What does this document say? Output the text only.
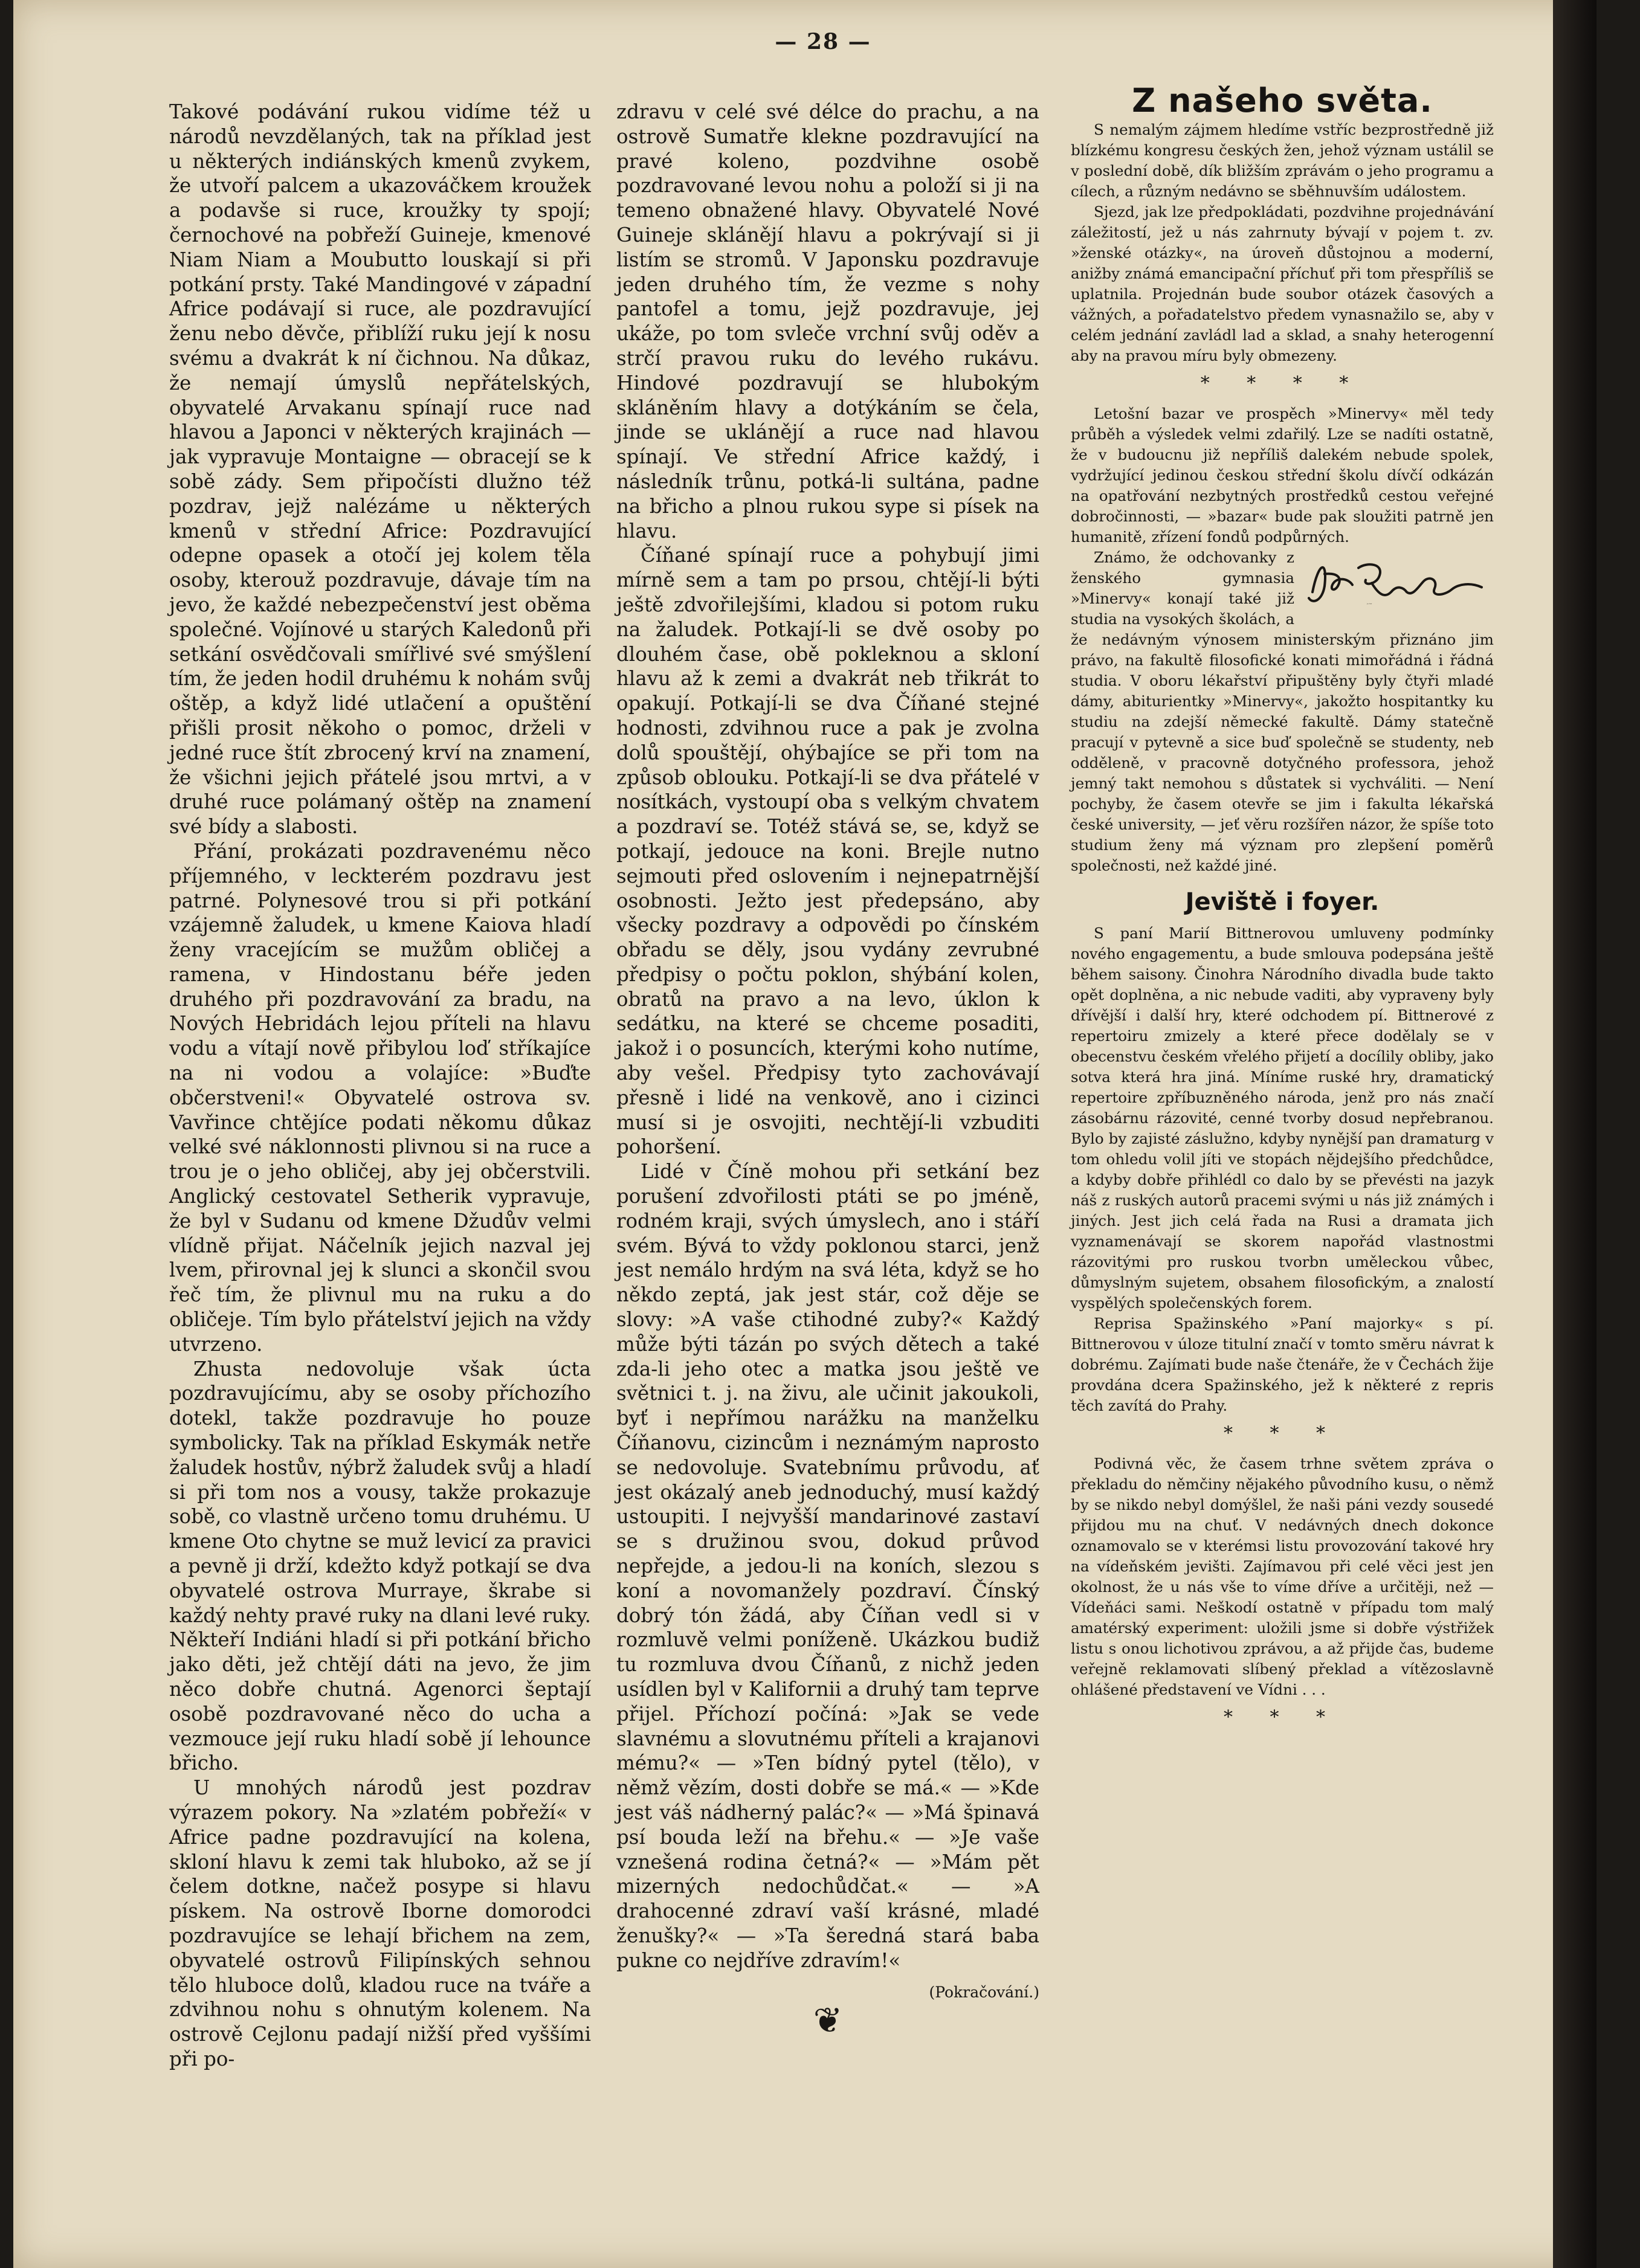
— 28 —

Takové podávání rukou vidíme též u národů nevzdělaných, tak na příklad jest u některých indiánských kmenů zvykem, že utvoří palcem a ukazováčkem kroužek a podavše si ruce, kroužky ty spojí; černochové na pobřeží Guineje, kmenové Niam Niam a Moubutto louskají si při potkání prsty. Také Mandingové v západní Africe podávají si ruce, ale pozdravující ženu nebo děvče, přiblíží ruku její k nosu svému a dvakrát k ní čichnou. Na důkaz, že nemají úmyslů nepřátelských, obyvatelé Arvakanu spínají ruce nad hlavou a Japonci v některých krajinách — jak vypravuje Montaigne — obracejí se k sobě zády. Sem připočísti dlužno též pozdrav, jejž nalézáme u některých kmenů v střední Africe: Pozdravující odepne opasek a otočí jej kolem těla osoby, kterouž pozdravuje, dávaje tím na jevo, že každé nebezpečenství jest oběma společné. Vojínové u starých Kaledonů při setkání osvědčovali smířlivé své smýšlení tím, že jeden hodil druhému k nohám svůj oštěp, a když lidé utlačení a opuštění přišli prosit někoho o pomoc, drželi v jedné ruce štít zbrocený krví na znamení, že všichni jejich přátelé jsou mrtvi, a v druhé ruce polámaný oštěp na znamení své bídy a slabosti.

Přání, prokázati pozdravenému něco příjemného, v leckterém pozdravu jest patrné. Polynesové trou si při potkání vzájemně žaludek, u kmene Kaiova hladí ženy vracejícím se mužům obličej a ramena, v Hindostanu béře jeden druhého při pozdravování za bradu, na Nových Hebridách lejou příteli na hlavu vodu a vítají nově přibylou loď stříkajíce na ni vodou a volajíce: »Buďte občerstveni!« Obyvatelé ostrova sv. Vavřince chtějíce podati někomu důkaz velké své náklonnosti plivnou si na ruce a trou je o jeho obličej, aby jej občerstvili. Anglický cestovatel Setherik vypravuje, že byl v Sudanu od kmene Džudův velmi vlídně přijat. Náčelník jejich nazval jej lvem, přirovnal jej k slunci a skončil svou řeč tím, že plivnul mu na ruku a do obličeje. Tím bylo přátelství jejich na vždy utvrzeno.

Zhusta nedovoluje však úcta pozdravujícímu, aby se osoby příchozího dotekl, takže pozdravuje ho pouze symbolicky. Tak na příklad Eskymák netře žaludek hostův, nýbrž žaludek svůj a hladí si při tom nos a vousy, takže prokazuje sobě, co vlastně určeno tomu druhému. U kmene Oto chytne se muž levicí za pravici a pevně ji drží, kdežto když potkají se dva obyvatelé ostrova Murraye, škrabe si každý nehty pravé ruky na dlani levé ruky. Někteří Indiáni hladí si při potkání břicho jako děti, jež chtějí dáti na jevo, že jim něco dobře chutná. Agenorci šeptají osobě pozdravované něco do ucha a vezmouce její ruku hladí sobě jí lehounce břicho.

U mnohých národů jest pozdrav výrazem pokory. Na »zlatém pobřeží« v Africe padne pozdravující na kolena, skloní hlavu k zemi tak hluboko, až se jí čelem dotkne, načež posype si hlavu pískem. Na ostrově Iborne domorodci pozdravujíce se lehají břichem na zem, obyvatelé ostrovů Filipínských sehnou tělo hluboce dolů, kladou ruce na tváře a zdvihnou nohu s ohnutým kolenem. Na ostrově Cejlonu padají nižší před vyššími při po-

zdravu v celé své délce do prachu, a na ostrově Sumatře klekne pozdravující na pravé koleno, pozdvihne osobě pozdravované levou nohu a položí si ji na temeno obnažené hlavy. Obyvatelé Nové Guineje sklánějí hlavu a pokrývají si ji listím se stromů. V Japonsku pozdravuje jeden druhého tím, že vezme s nohy pantofel a tomu, jejž pozdravuje, jej ukáže, po tom svlečе vrchní svůj oděv a strčí pravou ruku do levého rukávu. Hindové pozdravují se hlubokým skláněním hlavy a dotýkáním se čela, jinde se uklánějí a ruce nad hlavou spínají. Ve střední Africe každý, i následník trůnu, potká-li sultána, padne na břicho a plnou rukou sype si písek na hlavu.

Číňané spínají ruce a pohybují jimi mírně sem a tam po prsou, chtějí-li býti ještě zdvořilejšími, kladou si potom ruku na žaludek. Potkají-li se dvě osoby po dlouhém čase, obě pokleknou a skloní hlavu až k zemi a dvakrát neb třikrát to opakují. Potkají-li se dva Číňané stejné hodnosti, zdvihnou ruce a pak je zvolna dolů spouštějí, ohýbajíce se při tom na způsob oblouku. Potkají-li se dva přátelé v nosítkách, vystoupí oba s velkým chvatem a pozdraví se. Totéž stává se, se, když se potkají, jedouce na koni. Brejle nutno sejmouti před oslovením i nejnepatrnější osobnosti. Ježto jest předepsáno, aby všecky pozdravy a odpovědi po čínském obřadu se děly, jsou vydány zevrubné předpisy o počtu poklon, shýbání kolen, obratů na pravo a na levo, úklon k sedátku, na které se chceme posaditi, jakož i o posuncích, kterými koho nutíme, aby vešel. Předpisy tyto zachovávají přesně i lidé na venkově, ano i cizinci musí si je osvojiti, nechtějí-li vzbuditi pohoršení.

Lidé v Číně mohou při setkání bez porušení zdvořilosti ptáti se po jméně, rodném kraji, svých úmyslech, ano i stáří svém. Bývá to vždy poklonou starci, jenž jest nemálo hrdým na svá léta, když se ho někdo zeptá, jak jest stár, což děje se slovy: »A vaše ctihodné zuby?« Každý může býti tázán po svých dětech a také zda-li jeho otec a matka jsou ještě ve světnici t. j. na živu, ale učinit jakoukoli, byť i nepřímou narážku na manželku Číňanovu, cizincům i neznámým naprosto se nedovoluje. Svatebnímu průvodu, ať jest okázalý aneb jednoduchý, musí každý ustoupiti. I nejvyšší mandarinové zastaví se s družinou svou, dokud průvod nepřejde, a jedou-li na koních, slezou s koní a novomanžely pozdraví. Čínský dobrý tón žádá, aby Číňan vedl si v rozmluvě velmi poníženě. Ukázkou budiž tu rozmluva dvou Číňanů, z nichž jeden usídlen byl v Kalifornii a druhý tam teprve přijel. Příchozí počíná: »Jak se vede slavnému a slovutnému příteli a krajanovi mému?« — »Ten bídný pytel (tělo), v němž vězím, dosti dobře se má.« — »Kde jest váš nádherný palác?« — »Má špinavá psí bouda leží na břehu.« — »Je vaše vznešená rodina četná?« — »Mám pět mizerných nedochůdčat.« — »A drahocenné zdraví vaší krásné, mladé ženušky?« — »Ta šeredná stará baba pukne co nejdříve zdravím!«

(Pokračování.)
❦
Z našeho světa.

S nemalým zájmem hledíme vstříc bezprostředně již blízkému kongresu českých žen, jehož význam ustálil se v poslední době, dík bližším zprávám o jeho programu a cílech, a různým nedávno se sběhnuvším událostem.

Sjezd, jak lze předpokládati, pozdvihne projednávání záležitostí, jež u nás zahrnuty bývají v pojem t. zv. »ženské otázky«, na úroveň důstojnou a moderní, anižby známá emancipační příchuť při tom přespříliš se uplatnila. Projednán bude soubor otázek časových a vážných, a pořadatelstvo předem vynasnažilo se, aby v celém jednání zavládl lad a sklad, a snahy heterogenní aby na pravou míru byly obmezeny.

* * * *

Letošní bazar ve prospěch »Minervy« měl tedy průběh a výsledek velmi zdařilý. Lze se nadíti ostatně, že v budoucnu již nepříliš dalekém nebude spolek, vydržující jedinou českou střední školu dívčí odkázán na opatřování nezbytných prostředků cestou veřejné dobročinnosti, — »bazar« bude pak sloužiti patrně jen humanitě, zřízení fondů podpůrných.

Jar. Rod.

Známo, že odchovanky z ženského gymnasia »Minervy« konají také již studia na vysokých školách, a že nedávným výnosem ministerským přiznáno jim právo, na fakultě filosofické konati mimořádná i řádná studia. V oboru lékařství připuštěny byly čtyři mladé dámy, abiturientky »Minervy«, jakožto hospitantky ku studiu na zdejší německé fakultě. Dámy statečně pracují v pytevně a sice buď společně se studenty, neb odděleně, v pracovně dotyčného professora, jehož jemný takt nemohou s důstatek si vychváliti. — Není pochyby, že časem otevře se jim i fakulta lékařská české university, — jeť věru rozšířen názor, že spíše toto studium ženy má význam pro zlepšení poměrů společnosti, než každé jiné.

Jeviště i foyer.

S paní Marií Bittnerovou umluveny podmínky nového engagementu, a bude smlouva podepsána ještě během saisony. Činohra Národního divadla bude takto opět doplněna, a nic nebude vaditi, aby vypraveny byly dřívější i další hry, které odchodem pí. Bittnerové z repertoiru zmizely a které přece dodělaly se v obecenstvu českém vřelého přijetí a docílily obliby, jako sotva která hra jiná. Míníme ruské hry, dramatický repertoire zpříbuzněného národa, jenž pro nás značí zásobárnu rázovité, cenné tvorby dosud nepřebranou. Bylo by zajisté záslužno, kdyby nynější pan dramaturg v tom ohledu volil jíti ve stopách nějdejšího předchůdce, a kdyby dobře přihlédl co dalo by se převésti na jazyk náš z ruských autorů pracemi svými u nás již známých i jiných. Jest jich celá řada na Rusi a dramata jich vyznamenávají se skorem napořád vlastnostmi rázovitými pro ruskou tvorbn uměleckou vůbec, důmyslným sujetem, obsahem filosofickým, a znalostí vyspělých společenských forem.

Reprisa Spažinského »Paní majorky« s pí. Bittnerovou v úloze titulní značí v tomto směru návrat k dobrému. Zajímati bude naše čtenáře, že v Čechách žije provdána dcera Spažinského, jež k některé z repris těch zavítá do Prahy.

* * *

Podivná věc, že časem trhne světem zpráva o překladu do němčiny nějakého původního kusu, o němž by se nikdo nebyl domýšlel, že naši páni vezdy sousedé přijdou mu na chuť. V nedávných dnech dokonce oznamovalo se v kterémsi listu provozování takové hry na vídeňském jevišti. Zajímavou při celé věci jest jen okolnost, že u nás vše to víme dříve a určitěji, než — Vídeňáci sami. Neškodí ostatně v případu tom malý amatérský experiment: uložili jsme si dobře výstřižek listu s onou lichotivou zprávou, a až přijde čas, budeme veřejně reklamovati slíbený překlad a vítězoslavně ohlášené představení ve Vídni . . .

* * *
